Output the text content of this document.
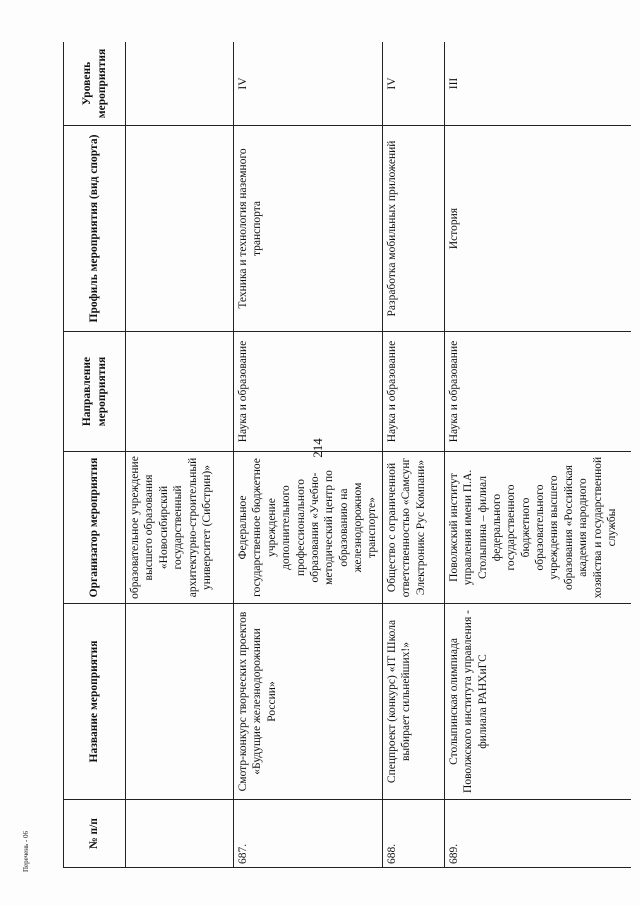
214
№ п/п	Название мероприятия	Организатор мероприятия	Направление мероприятия	Профиль мероприятия (вид спорта)	Уровень мероприятия
		образовательное учреждение высшего образования «Новосибирский государственный архитектурно-строительный университет (Сибстрин)»			
687.	Смотр-конкурс творческих проектов «Будущие железнодорожники России»	Федеральное государственное бюджетное учреждение дополнительного профессионального образования «Учебно-методический центр по образованию на железнодорожном транспорте»	Наука и образование	Техника и технология наземного транспорта	IV
688.	Спецпроект (конкурс) «IT Школа выбирает сильнейших!»	Общество с ограниченной ответственностью «Самсунг Электроникс Рус Компани»	Наука и образование	Разработка мобильных приложений	IV
689.	Столыпинская олимпиада Поволжского института управления - филиала РАНХиГС	Поволжский институт управления имени П.А. Столыпина – филиал федерального государственного бюджетного образовательного учреждения высшего образования «Российская академия народного хозяйства и государственной службы	Наука и образование	История	III
Перечень - 06
